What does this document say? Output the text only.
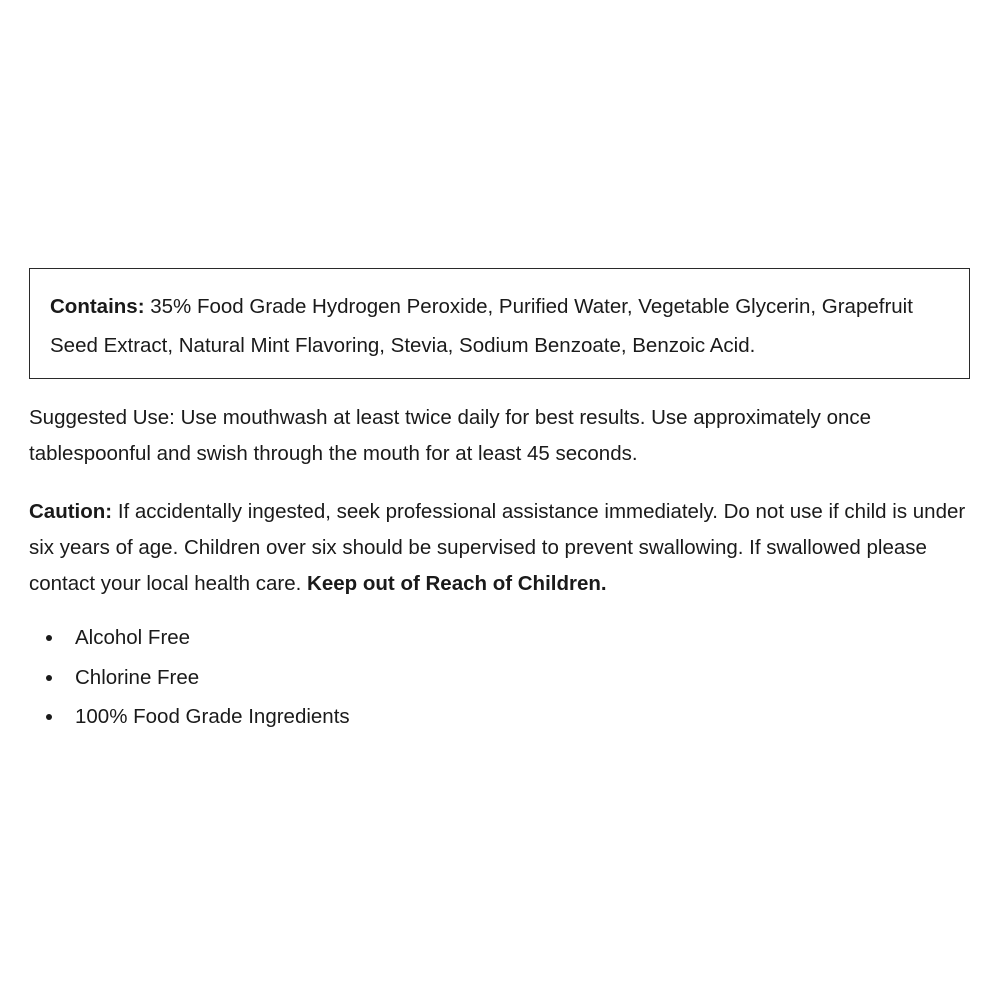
Contains: 35% Food Grade Hydrogen Peroxide, Purified Water, Vegetable Glycerin, Grapefruit Seed Extract, Natural Mint Flavoring, Stevia, Sodium Benzoate, Benzoic Acid.

Suggested Use: Use mouthwash at least twice daily for best results. Use approximately once tablespoonful and swish through the mouth for at least 45 seconds.

Caution: If accidentally ingested, seek professional assistance immediately. Do not use if child is under six years of age. Children over six should be supervised to prevent swallowing. If swallowed please contact your local health care. Keep out of Reach of Children.

Alcohol Free
Chlorine Free
100% Food Grade Ingredients
